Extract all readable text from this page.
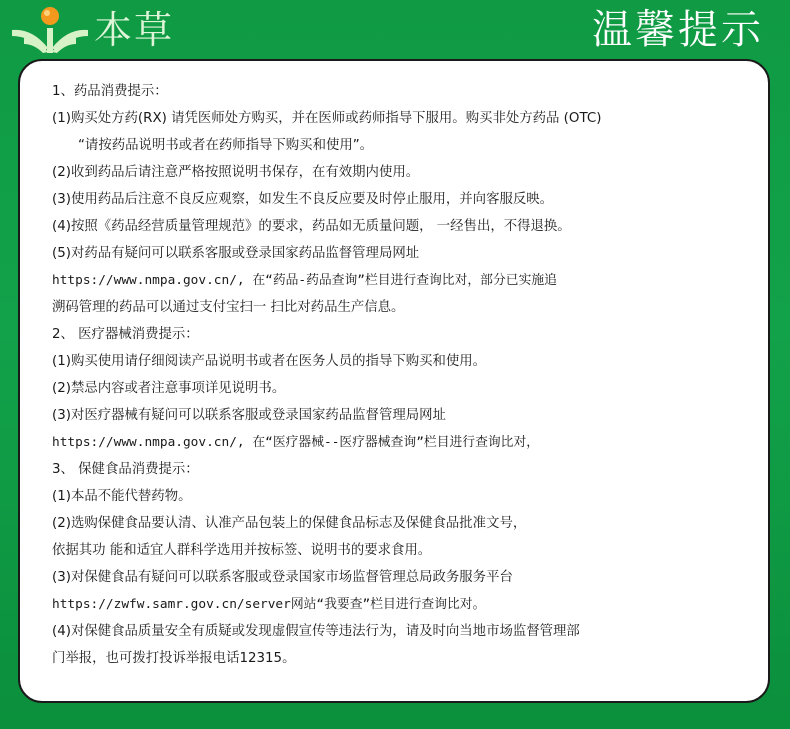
本草	温馨提示
1、药品消费提示：
(1)购买处方药(RX) 请凭医师处方购买，并在医师或药师指导下服用。购买非处方药品 (OTC)
“请按药品说明书或者在药师指导下购买和使用”。
(2)收到药品后请注意严格按照说明书保存，在有效期内使用。
(3)使用药品后注意不良反应观察，如发生不良反应要及时停止服用，并向客服反映。
(4)按照《药品经营质量管理规范》的要求，药品如无质量问题， 一经售出，不得退换。
(5)对药品有疑问可以联系客服或登录国家药品监督管理局网址
https://www.nmpa.gov.cn/, 在“药品-药品查询”栏目进行查询比对，部分已实施追
溯码管理的药品可以通过支付宝扫一 扫比对药品生产信息。
2、 医疗器械消费提示：
(1)购买使用请仔细阅读产品说明书或者在医务人员的指导下购买和使用。
(2)禁忌内容或者注意事项详见说明书。
(3)对医疗器械有疑问可以联系客服或登录国家药品监督管理局网址
https://www.nmpa.gov.cn/, 在“医疗器械--医疗器械查询”栏目进行查询比对，
3、 保健食品消费提示：
(1)本品不能代替药物。
(2)选购保健食品要认清、认准产品包装上的保健食品标志及保健食品批准文号，
依据其功 能和适宜人群科学选用并按标签、说明书的要求食用。
(3)对保健食品有疑问可以联系客服或登录国家市场监督管理总局政务服务平台
https://zwfw.samr.gov.cn/server网站“我要查”栏目进行查询比对。
(4)对保健食品质量安全有质疑或发现虚假宣传等违法行为，请及时向当地市场监督管理部
门举报，也可拨打投诉举报电话12315。
